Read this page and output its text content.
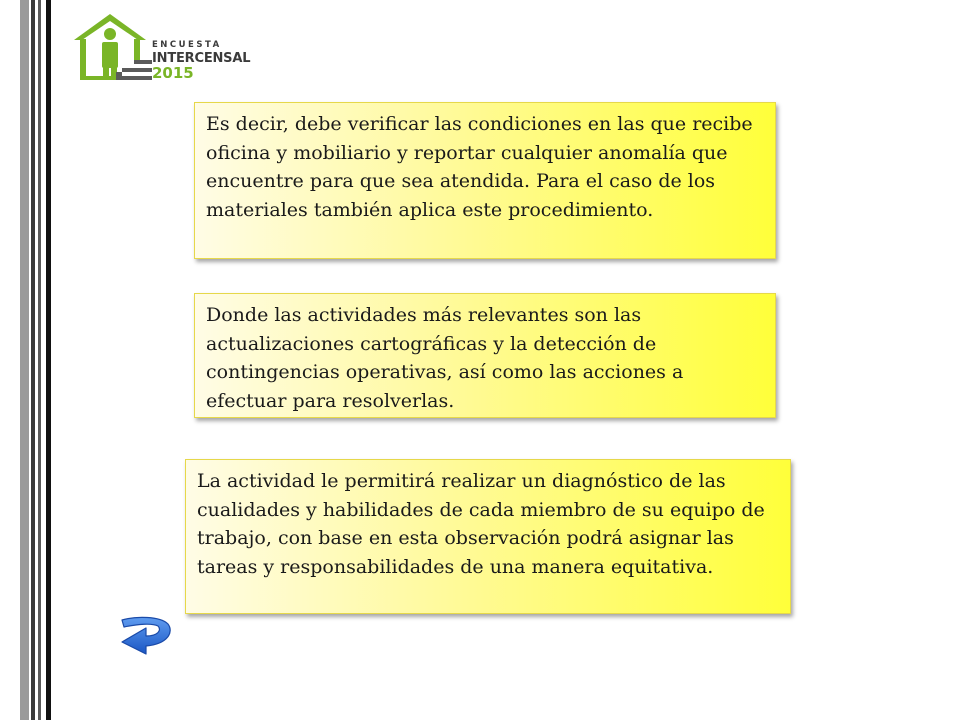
ENCUESTA
INTERCENSAL
2015
Es decir, debe verificar las condiciones en las que recibe oficina y mobiliario y reportar cualquier anomalía que encuentre para que sea atendida. Para el caso de los materiales también aplica este procedimiento.
Donde las actividades más relevantes son las actualizaciones cartográficas y la detección de contingencias operativas, así como las acciones a efectuar para resolverlas.
La actividad le permitirá realizar un diagnóstico de las cualidades y habilidades de cada miembro de su equipo de trabajo, con base en esta observación podrá asignar las tareas y responsabilidades de una manera equitativa.
